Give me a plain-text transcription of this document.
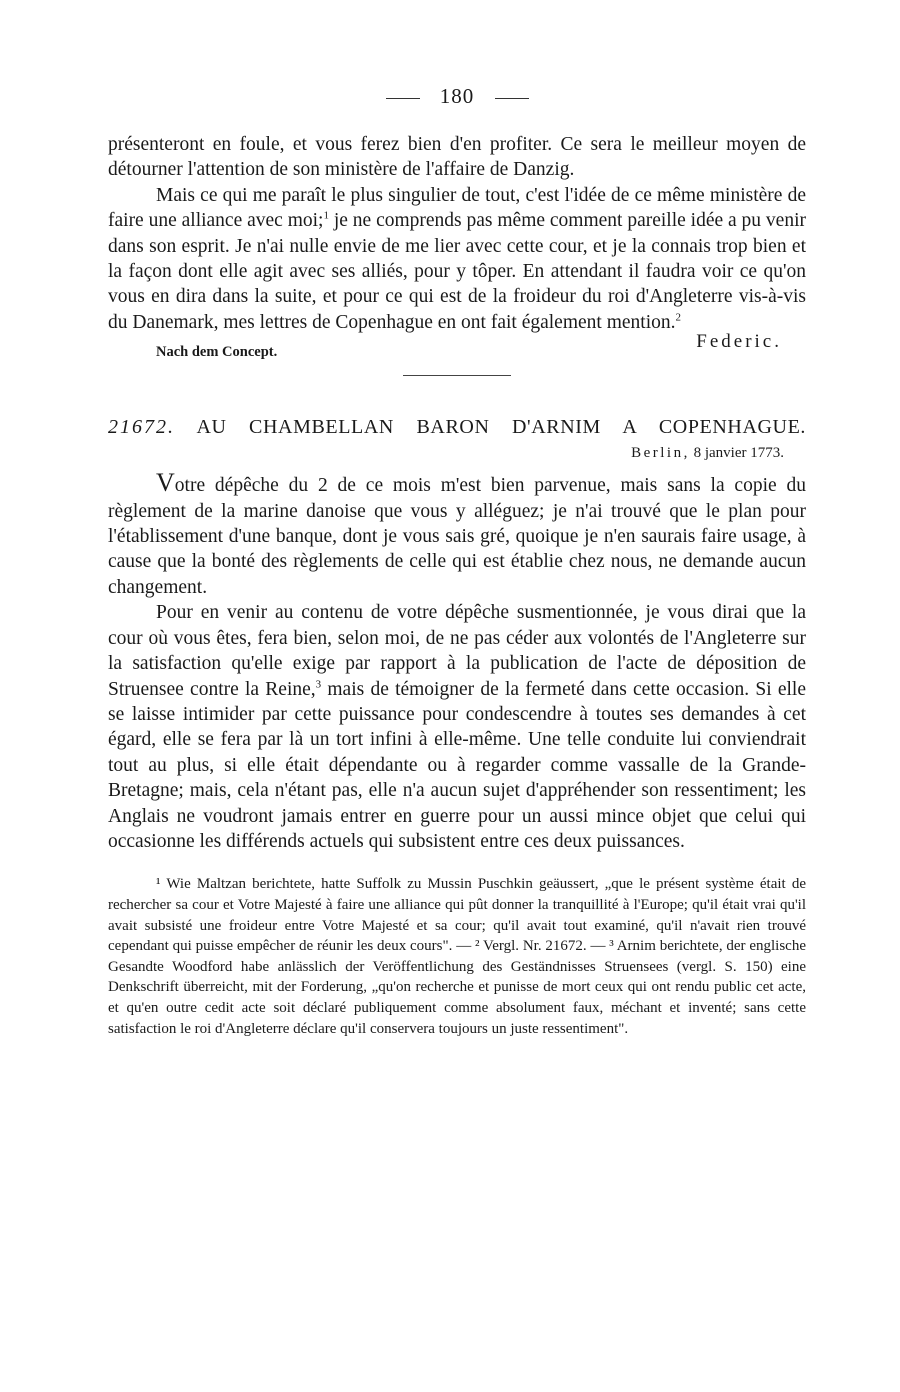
180

présenteront en foule, et vous ferez bien d'en profiter. Ce sera le meilleur moyen de détourner l'attention de son ministère de l'affaire de Danzig.

Mais ce qui me paraît le plus singulier de tout, c'est l'idée de ce même ministère de faire une alliance avec moi;$^1$ je ne comprends pas même comment pareille idée a pu venir dans son esprit. Je n'ai nulle envie de me lier avec cette cour, et je la connais trop bien et la façon dont elle agit avec ses alliés, pour y tôper. En attendant il faudra voir ce qu'on vous en dira dans la suite, et pour ce qui est de la froideur du roi d'Angleterre vis-à-vis du Danemark, mes lettres de Copenhague en ont fait également mention.$^2$

Federic.
Nach dem Concept.
21672. AU CHAMBELLAN BARON D'ARNIM A COPENHAGUE.
Berlin, 8 janvier 1773.

Votre dépêche du 2 de ce mois m'est bien parvenue, mais sans la copie du règlement de la marine danoise que vous y alléguez; je n'ai trouvé que le plan pour l'établissement d'une banque, dont je vous sais gré, quoique je n'en saurais faire usage, à cause que la bonté des règlements de celle qui est établie chez nous, ne demande aucun changement.

Pour en venir au contenu de votre dépêche susmentionnée, je vous dirai que la cour où vous êtes, fera bien, selon moi, de ne pas céder aux volontés de l'Angleterre sur la satisfaction qu'elle exige par rapport à la publication de l'acte de déposition de Struensee contre la Reine,$^3$ mais de témoigner de la fermeté dans cette occasion. Si elle se laisse intimider par cette puissance pour condescendre à toutes ses demandes à cet égard, elle se fera par là un tort infini à elle-même. Une telle conduite lui conviendrait tout au plus, si elle était dépendante ou à regarder comme vassalle de la Grande-Bretagne; mais, cela n'étant pas, elle n'a aucun sujet d'appréhender son ressentiment; les Anglais ne voudront jamais entrer en guerre pour un aussi mince objet que celui qui occasionne les différends actuels qui subsistent entre ces deux puissances.

¹ Wie Maltzan berichtete, hatte Suffolk zu Mussin Puschkin geäussert, „que le présent système était de rechercher sa cour et Votre Majesté à faire une alliance qui pût donner la tranquillité à l'Europe; qu'il était vrai qu'il avait subsisté une froideur entre Votre Majesté et sa cour; qu'il avait tout examiné, qu'il n'avait rien trouvé cependant qui puisse empêcher de réunir les deux cours". — ² Vergl. Nr. 21672. — ³ Arnim berichtete, der englische Gesandte Woodford habe anlässlich der Veröffentlichung des Geständnisses Struensees (vergl. S. 150) eine Denkschrift überreicht, mit der Forderung, „qu'on recherche et punisse de mort ceux qui ont rendu public cet acte, et qu'en outre cedit acte soit déclaré publiquement comme absolument faux, méchant et inventé; sans cette satisfaction le roi d'Angleterre déclare qu'il conservera toujours un juste ressentiment".
